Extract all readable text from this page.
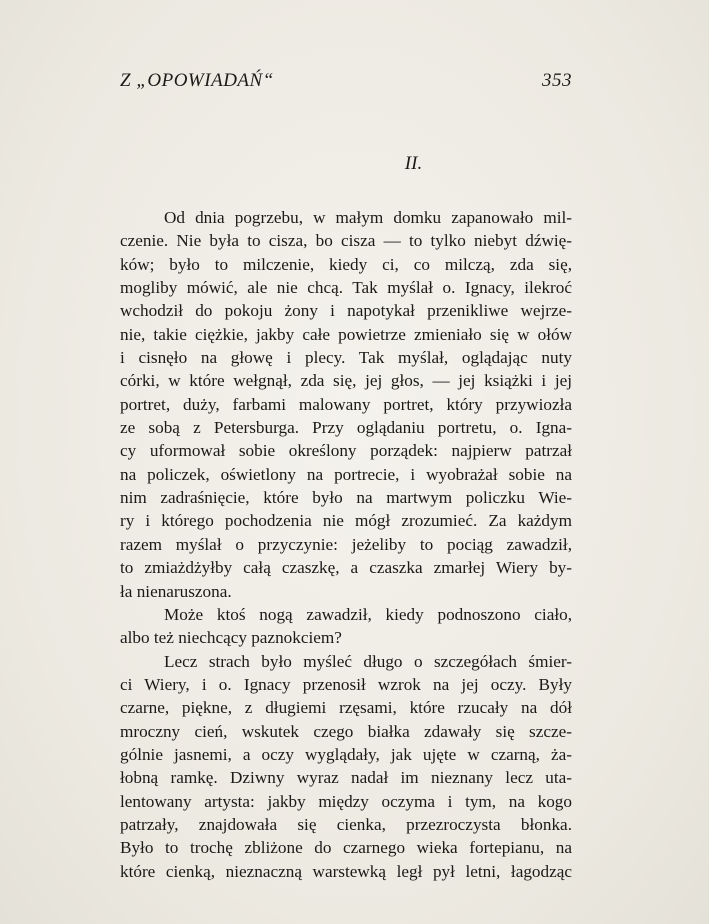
Z „OPOWIADAŃ“	353
II.
Od dnia pogrzebu, w małym domku zapanowało mil-
czenie. Nie była to cisza, bo cisza — to tylko niebyt dźwię-
ków; było to milczenie, kiedy ci, co milczą, zda się,
mogliby mówić, ale nie chcą. Tak myślał o. Ignacy, ilekroć
wchodził do pokoju żony i napotykał przenikliwe wejrze-
nie, takie ciężkie, jakby całe powietrze zmieniało się w ołów
i cisnęło na głowę i plecy. Tak myślał, oglądając nuty
córki, w które wełgnął, zda się, jej głos, — jej książki i jej
portret, duży, farbami malowany portret, który przywiozła
ze sobą z Petersburga. Przy oglądaniu portretu, o. Igna-
cy uformował sobie określony porządek: najpierw patrzał
na policzek, oświetlony na portrecie, i wyobrażał sobie na
nim zadraśnięcie, które było na martwym policzku Wie-
ry i którego pochodzenia nie mógł zrozumieć. Za każdym
razem myślał o przyczynie: jeżeliby to pociąg zawadził,
to zmiażdżyłby całą czaszkę, a czaszka zmarłej Wiery by-
ła nienaruszona.
Może ktoś nogą zawadził, kiedy podnoszono ciało,
albo też niechcący paznokciem?
Lecz strach było myśleć długo o szczegółach śmier-
ci Wiery, i o. Ignacy przenosił wzrok na jej oczy. Były
czarne, piękne, z długiemi rzęsami, które rzucały na dół
mroczny cień, wskutek czego białka zdawały się szcze-
gólnie jasnemi, a oczy wyglądały, jak ujęte w czarną, ża-
łobną ramkę. Dziwny wyraz nadał im nieznany lecz uta-
lentowany artysta: jakby między oczyma i tym, na kogo
patrzały, znajdowała się cienka, przezroczysta błonka.
Było to trochę zbliżone do czarnego wieka fortepianu, na
które cienką, nieznaczną warstewką legł pył letni, łagodząc
